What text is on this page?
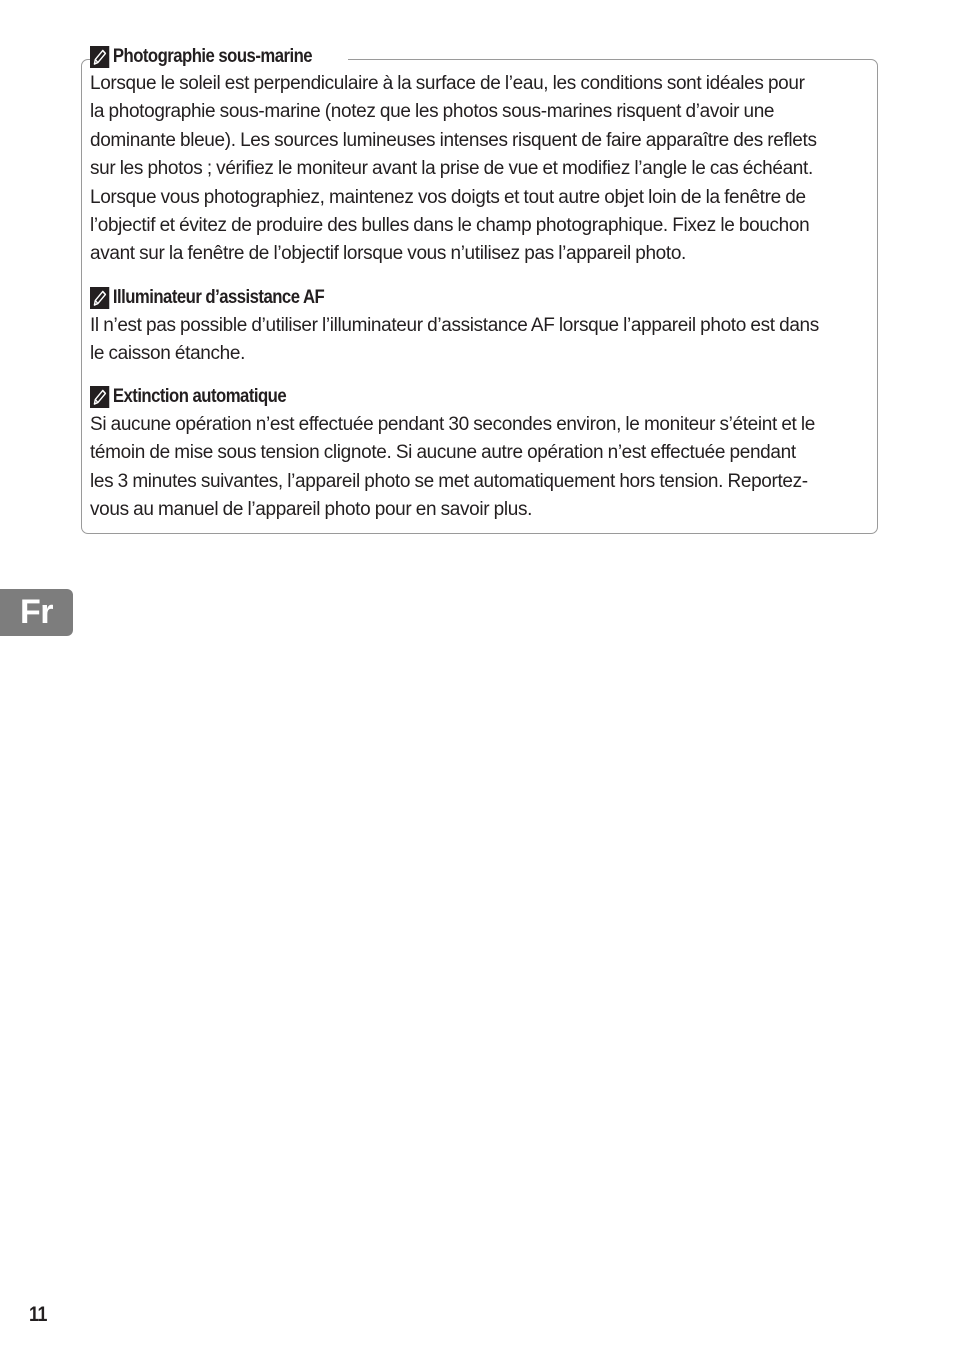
Photographie sous-marine
Lorsque le soleil est perpendiculaire à la surface de l’eau, les conditions sont idéales pour
la photographie sous-marine (notez que les photos sous-marines risquent d’avoir une
dominante bleue). Les sources lumineuses intenses risquent de faire apparaître des reflets
sur les photos ; vérifiez le moniteur avant la prise de vue et modifiez l’angle le cas échéant.
Lorsque vous photographiez, maintenez vos doigts et tout autre objet loin de la fenêtre de
l’objectif et évitez de produire des bulles dans le champ photographique. Fixez le bouchon
avant sur la fenêtre de l’objectif lorsque vous n’utilisez pas l’appareil photo.
Illuminateur d’assistance AF
Il n’est pas possible d’utiliser l’illuminateur d’assistance AF lorsque l’appareil photo est dans
le caisson étanche.
Extinction automatique
Si aucune opération n’est effectuée pendant 30 secondes environ, le moniteur s’éteint et le
témoin de mise sous tension clignote. Si aucune autre opération n’est effectuée pendant
les 3 minutes suivantes, l’appareil photo se met automatiquement hors tension. Reportez-
vous au manuel de l’appareil photo pour en savoir plus.
Fr
11
